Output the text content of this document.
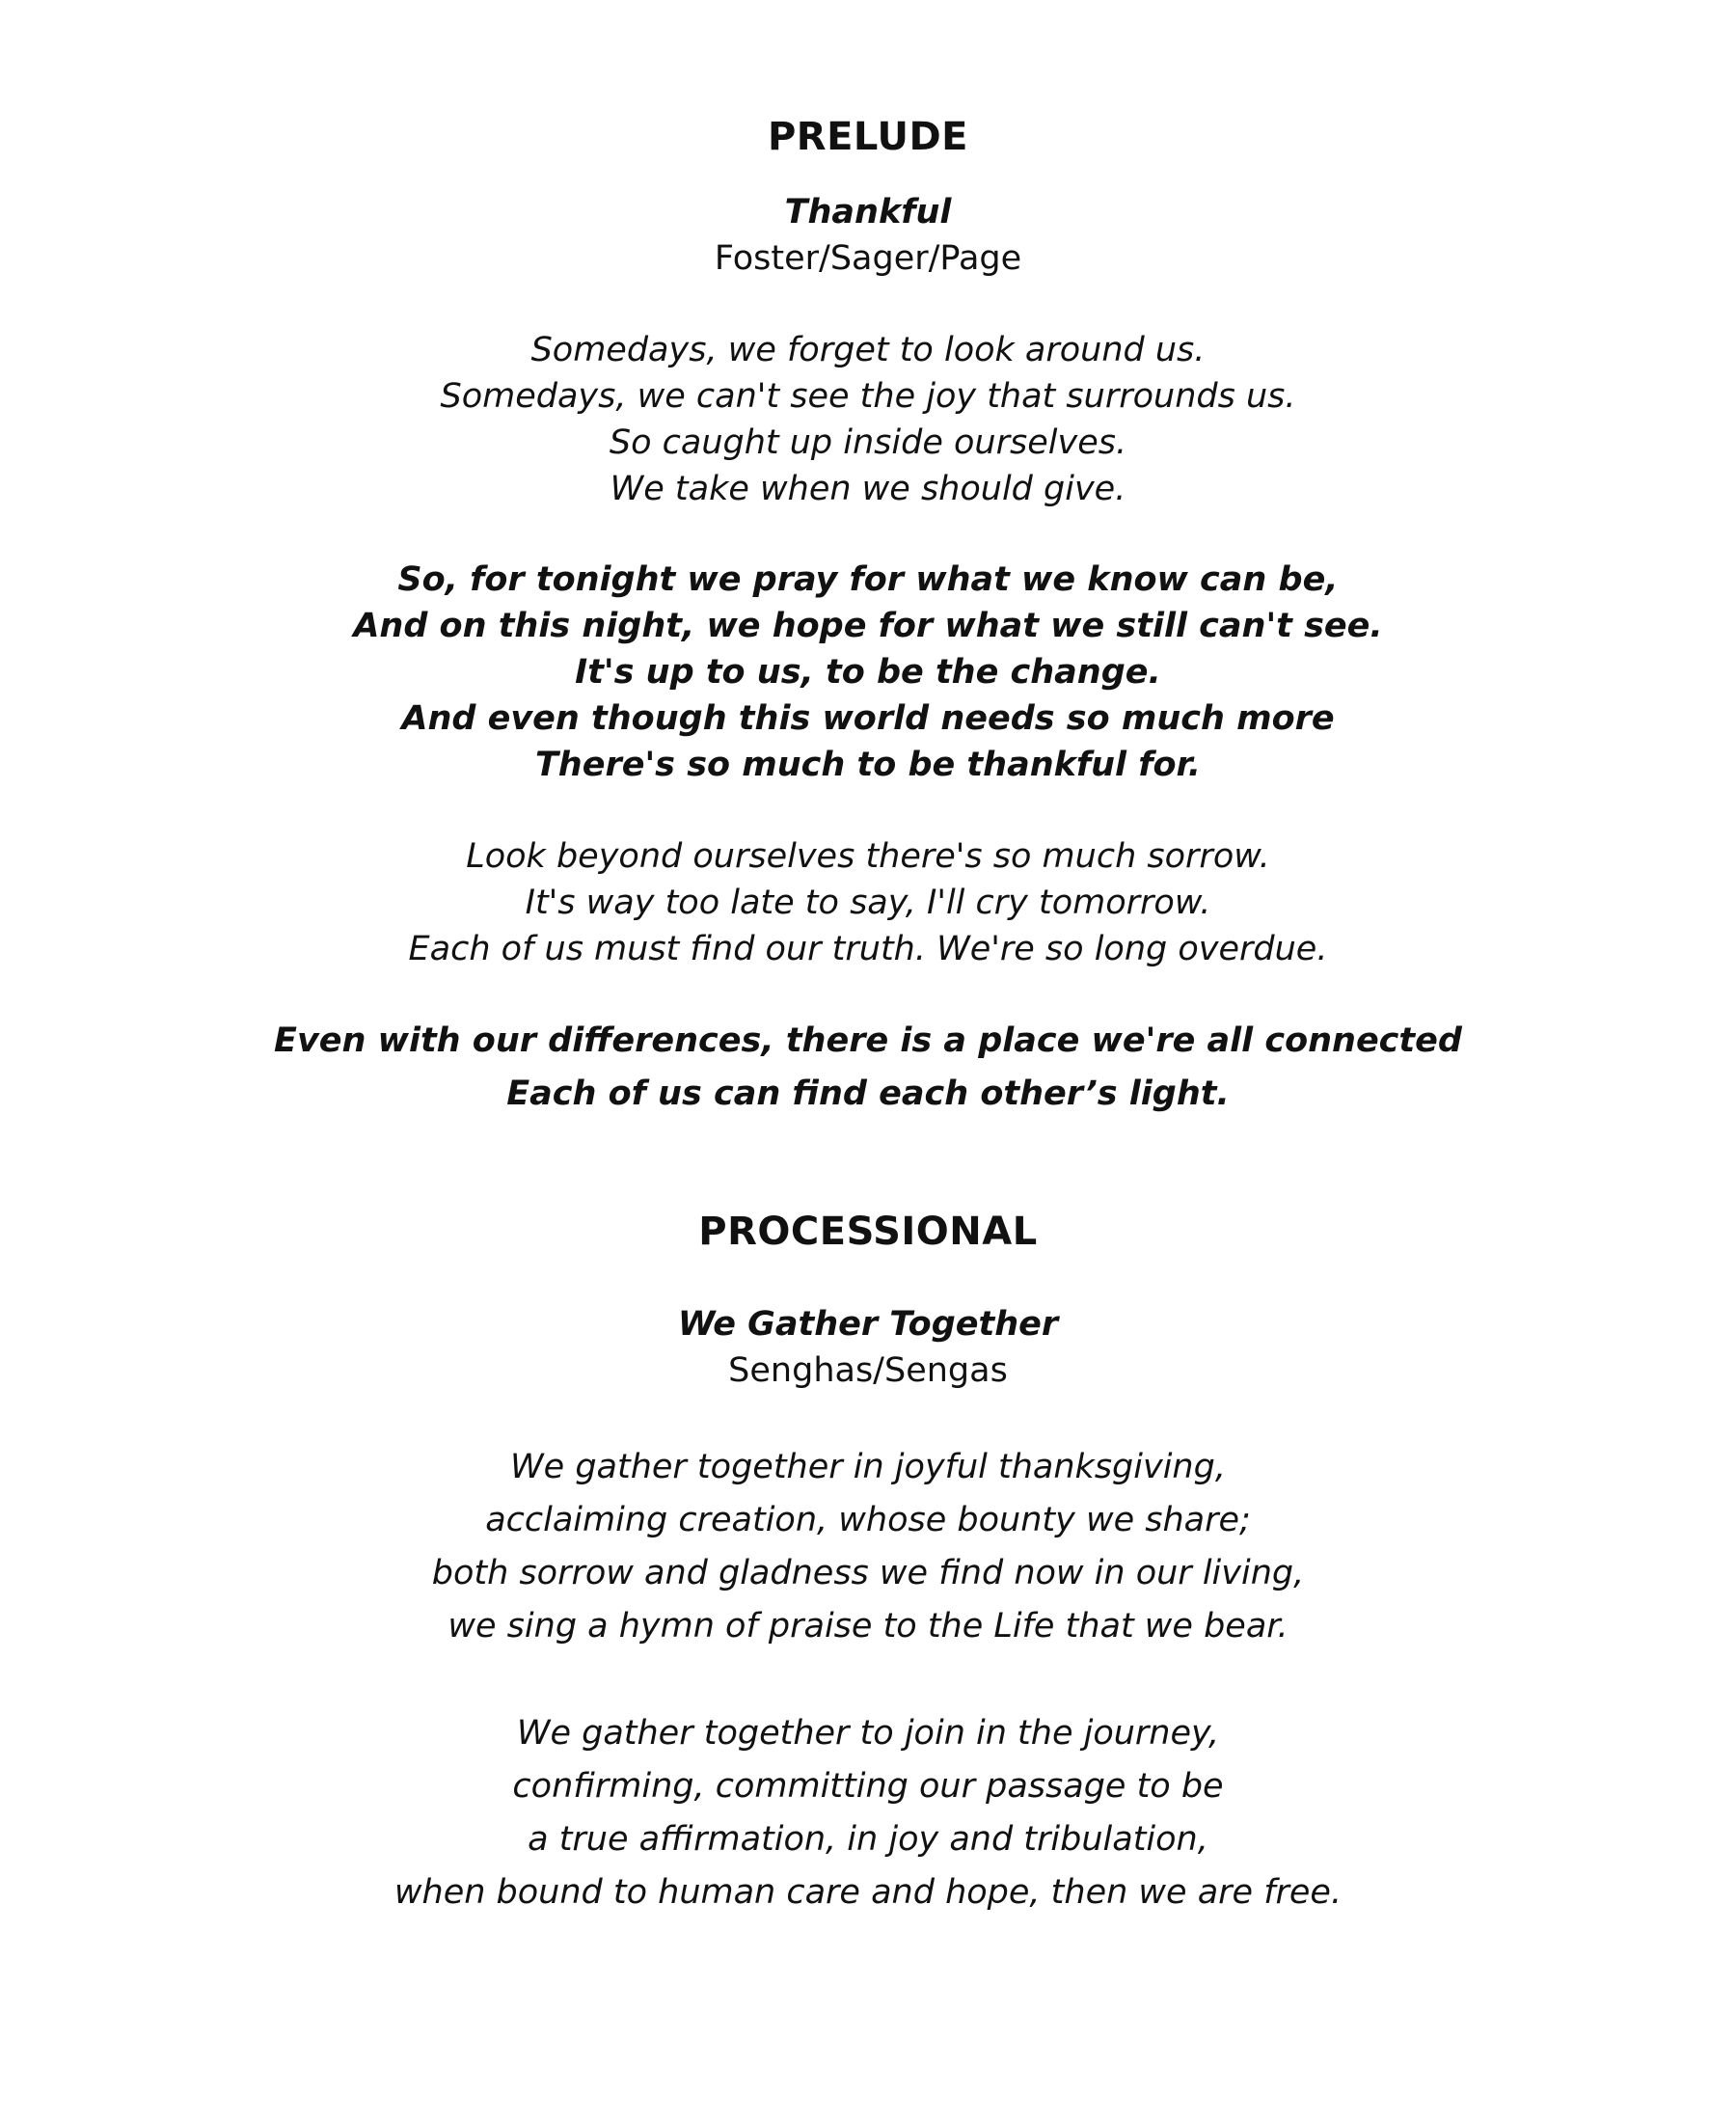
PRELUDE
Thankful
Foster/Sager/Page
Somedays, we forget to look around us.
Somedays, we can't see the joy that surrounds us.
So caught up inside ourselves.
We take when we should give.
So, for tonight we pray for what we know can be,
And on this night, we hope for what we still can't see.
It's up to us, to be the change.
And even though this world needs so much more
There's so much to be thankful for.
Look beyond ourselves there's so much sorrow.
It's way too late to say, I'll cry tomorrow.
Each of us must find our truth. We're so long overdue.
Even with our differences, there is a place we're all connected
Each of us can find each other’s light.
PROCESSIONAL
We Gather Together
Senghas/Sengas
We gather together in joyful thanksgiving,
acclaiming creation, whose bounty we share;
both sorrow and gladness we find now in our living,
we sing a hymn of praise to the Life that we bear.
We gather together to join in the journey,
confirming, committing our passage to be
a true affirmation, in joy and tribulation,
when bound to human care and hope, then we are free.
